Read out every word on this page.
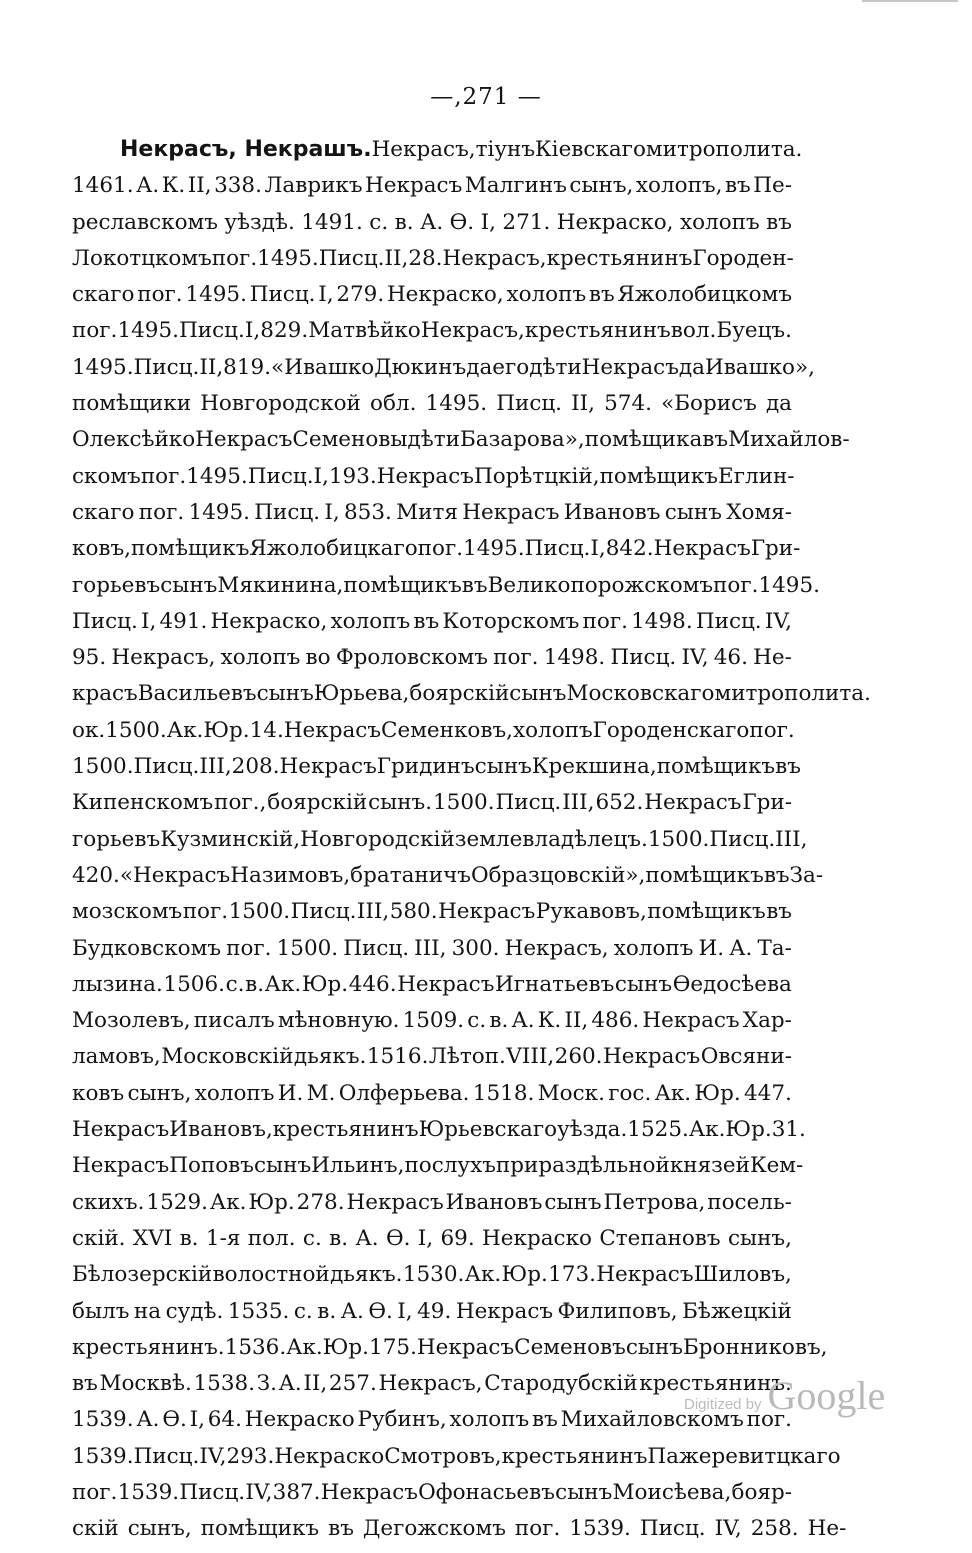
—,271 —
Некрасъ, Некрашъ. Некрасъ, тіунъ Кіевскаго митрополита.
1461. А. К. II, 338. Лаврикъ Некрасъ Малгинъ сынъ, холопъ, въ Пе-
реславскомъ уѣздѣ. 1491. с. в. А. Ѳ. I, 271. Некраско, холопъ въ
Локотцкомъ пог. 1495. Писц. II, 28. Некрасъ, крестьянинъ Городен-
скаго пог. 1495. Писц. I, 279. Некраско, холопъ въ Яжолобицкомъ
пог. 1495. Писц. I, 829. Матвѣйко Некрасъ, крестьянинъ вол. Буецъ.
1495. Писц. II, 819. «Ивашко Дюкинъ да его дѣти Некрасъ да Ивашко»,
помѣщики Новгородской обл. 1495. Писц. II, 574. «Борисъ да
Олексѣйко Некрасъ Семеновы дѣти Базарова», помѣщика въ Михайлов-
скомъ пог. 1495. Писц. I, 193. Некрасъ Порѣтцкій, помѣщикъ Еглин-
скаго пог. 1495. Писц. I, 853. Митя Некрасъ Ивановъ сынъ Хомя-
ковъ, помѣщикъ Яжолобицкаго пог. 1495. Писц. I, 842. Некрасъ Гри-
горьевъ сынъ Мякинина, помѣщикъ въ Великопорожскомъ пог. 1495.
Писц. I, 491. Некраско, холопъ въ Которскомъ пог. 1498. Писц. IV,
95. Некрасъ, холопъ во Фроловскомъ пог. 1498. Писц. IV, 46. Не-
красъ Васильевъ сынъ Юрьева, боярскій сынъ Московскаго митрополита.
ок. 1500. Ак. Юр. 14. Некрасъ Семенковъ, холопъ Городенскаго пог.
1500. Писц. III, 208. Некрасъ Гридинъ сынъ Крекшина, помѣщикъ въ
Кипенскомъ пог., боярскій сынъ. 1500. Писц. III, 652. Некрасъ Гри-
горьевъ Кузминскій, Новгородскій землевладѣлецъ. 1500. Писц. III,
420. «Некрасъ Назимовъ, братаничъ Образцовскій», помѣщикъ въ За-
мозскомъ пог. 1500. Писц. III, 580. Некрасъ Рукавовъ, помѣщикъ въ
Будковскомъ пог. 1500. Писц. III, 300. Некрасъ, холопъ И. А. Та-
лызина. 1506. с. в. Ак. Юр. 446. Некрасъ Игнатьевъ сынъ Ѳедосѣева
Мозолевъ, писалъ мѣновную. 1509. с. в. А. К. II, 486. Некрасъ Хар-
ламовъ, Московскій дьякъ. 1516. Лѣтоп. VIII, 260. Некрасъ Овсяни-
ковъ сынъ, холопъ И. М. Олферьева. 1518. Моск. гос. Ак. Юр. 447.
Некрасъ Ивановъ, крестьянинъ Юрьевскаго уѣзда. 1525. Ак. Юр. 31.
Некрасъ Поповъ сынъ Ильинъ, послухъ при раздѣльной князей Кем-
скихъ. 1529. Ак. Юр. 278. Некрасъ Ивановъ сынъ Петрова, посель-
скій. XVI в. 1-я пол. с. в. А. Ѳ. I, 69. Некраско Степановъ сынъ,
Бѣлозерскій волостной дьякъ. 1530. Ак. Юр. 173. Некрасъ Шиловъ,
былъ на судѣ. 1535. с. в. А. Ѳ. I, 49. Некрасъ Филиповъ, Бѣжецкій
крестьянинъ. 1536. Ак. Юр. 175. Некрасъ Семеновъ сынъ Бронниковъ,
въ Москвѣ. 1538. З. А. II, 257. Некрасъ, Стародубскій крестьянинъ.
1539. А. Ѳ. I, 64. Некраско Рубинъ, холопъ въ Михайловскомъ пог.
1539. Писц. IV, 293. Некраско Смотровъ, крестьянинъ Пажеревитцкаго
пог. 1539. Писц. IV, 387. Некрасъ Офонасьевъ сынъ Моисѣева, бояр-
скій сынъ, помѣщикъ въ Дегожскомъ пог. 1539. Писц. IV, 258. Не-
Digitized by Google
